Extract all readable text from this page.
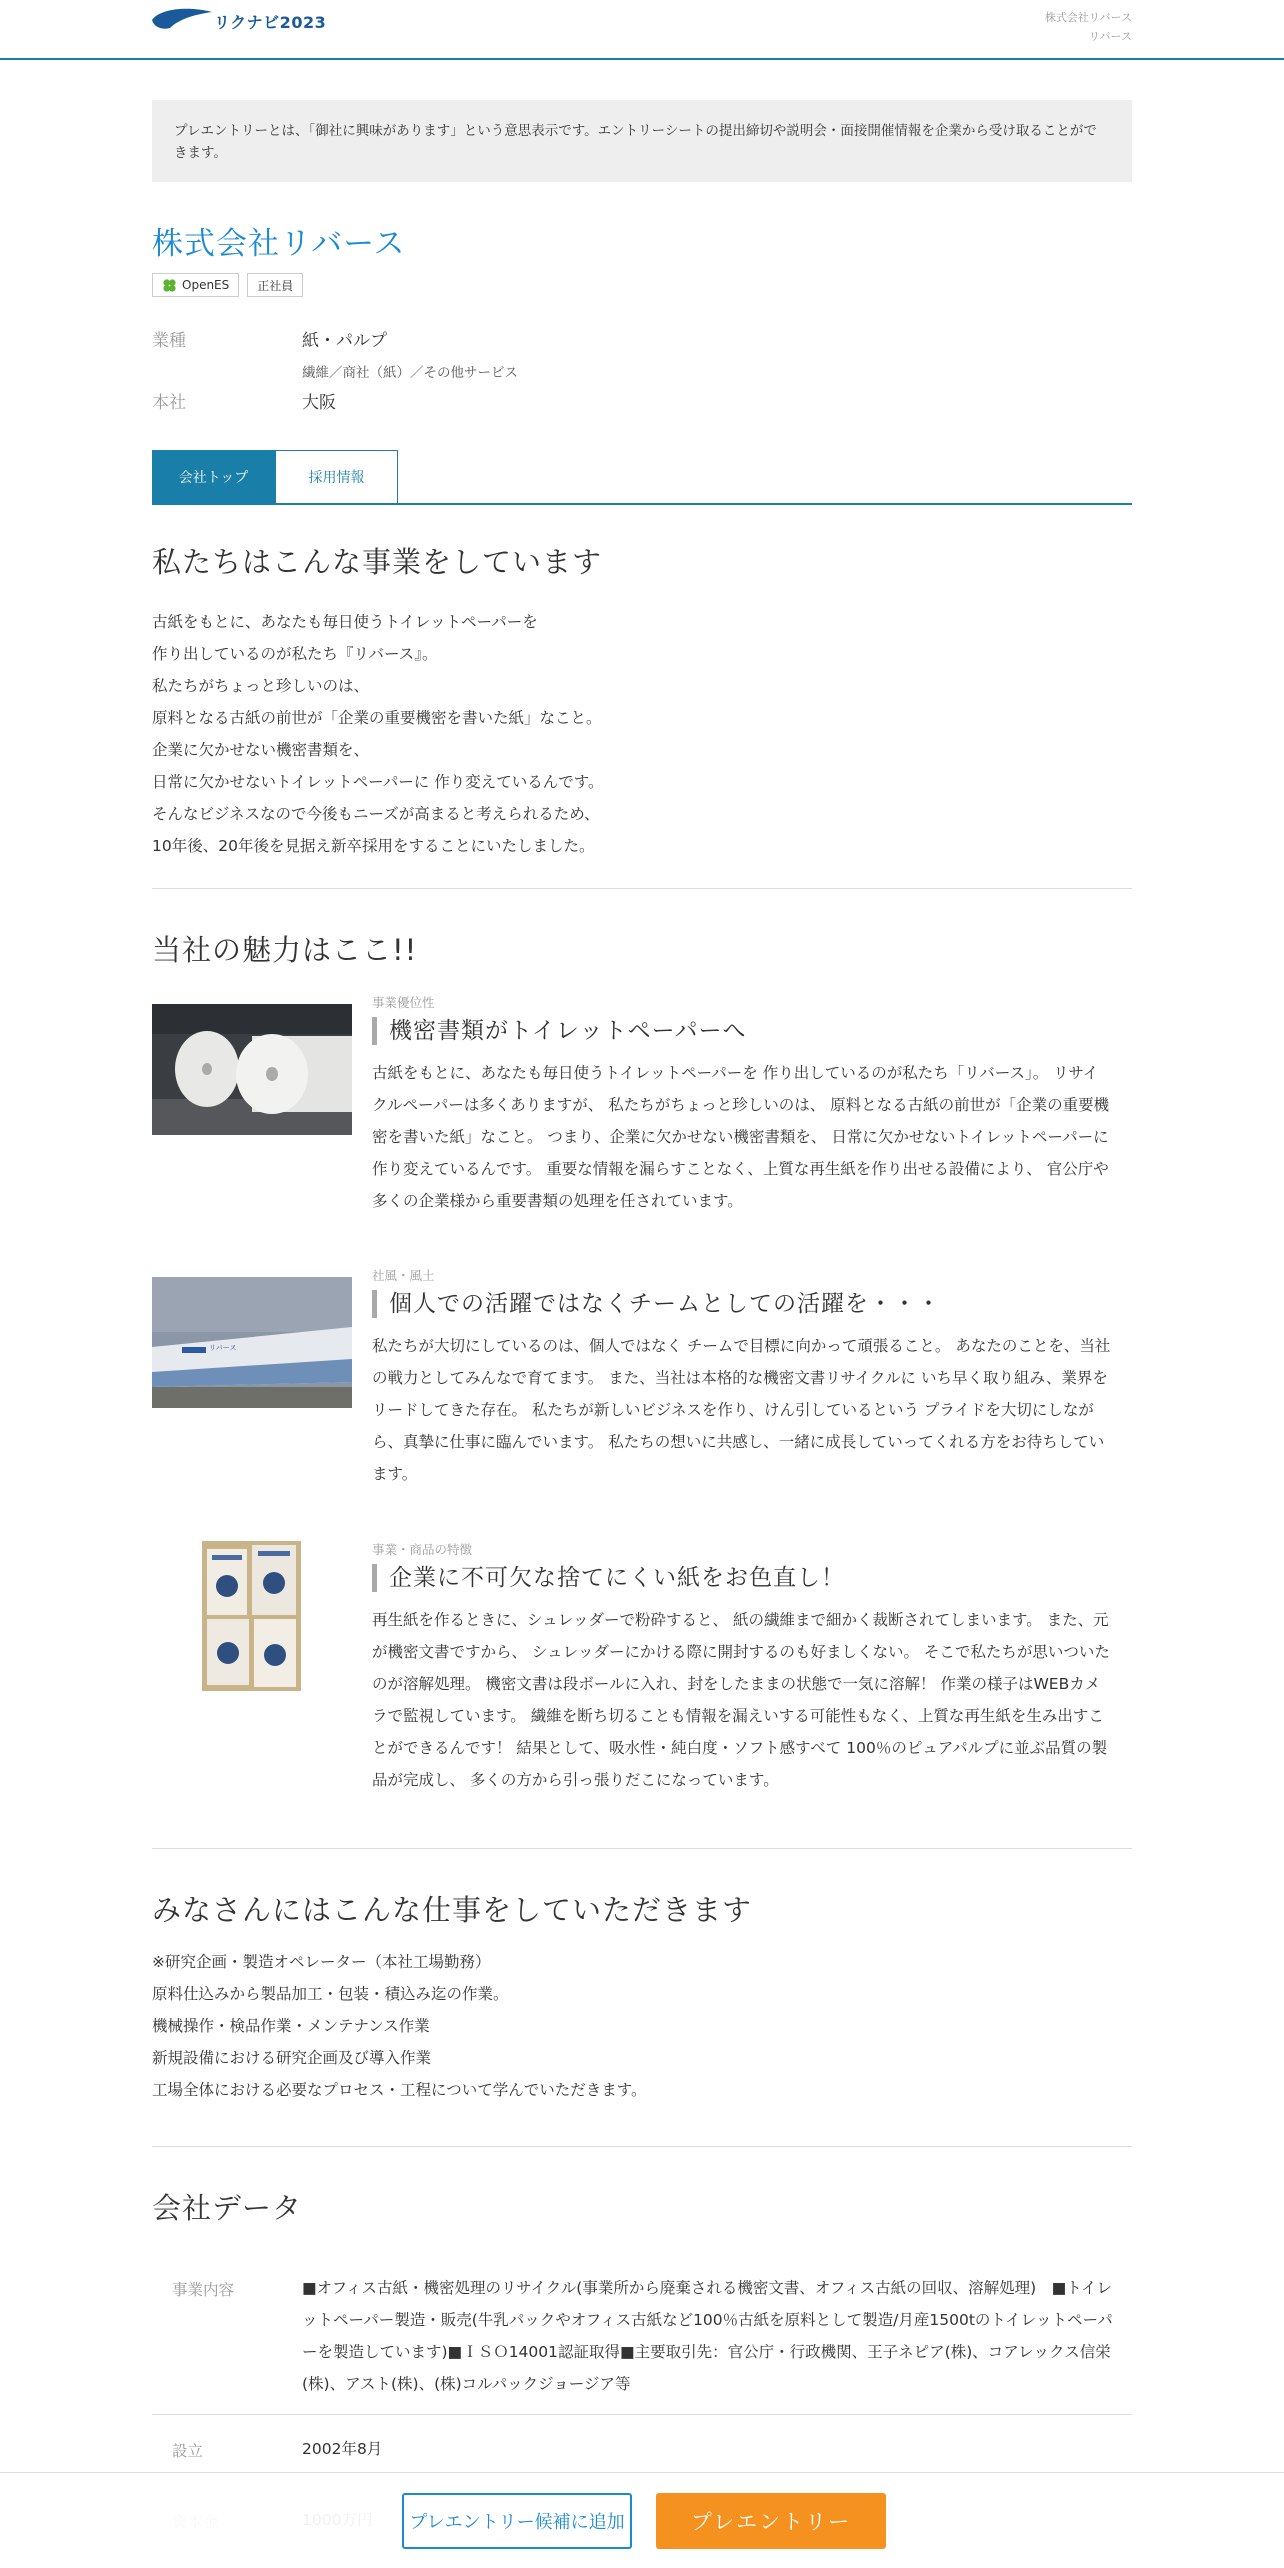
リクナビ2023	株式会社リバース
リバース
プレエントリーとは、「御社に興味があります」という意思表示です。エントリーシートの提出締切や説明会・面接開催情報を企業から受け取ることができます。
株式会社リバース
OpenES	正社員
業種	紙・パルプ
繊維／商社（紙）／その他サービス
本社	大阪
会社トップ	採用情報
私たちはこんな事業をしています
古紙をもとに、あなたも毎日使うトイレットペーパーを
作り出しているのが私たち『リバース』。
私たちがちょっと珍しいのは、
原料となる古紙の前世が「企業の重要機密を書いた紙」なこと。
企業に欠かせない機密書類を、
日常に欠かせないトイレットペーパーに 作り変えているんです。
そんなビジネスなので今後もニーズが高まると考えられるため、
10年後、20年後を見据え新卒採用をすることにいたしました。
当社の魅力はここ!!
事業優位性
機密書類がトイレットペーパーへ
古紙をもとに、あなたも毎日使うトイレットペーパーを 作り出しているのが私たち「リバース」。 リサイ
クルペーパーは多くありますが、 私たちがちょっと珍しいのは、 原料となる古紙の前世が「企業の重要機
密を書いた紙」なこと。 つまり、企業に欠かせない機密書類を、 日常に欠かせないトイレットペーパーに
作り変えているんです。 重要な情報を漏らすことなく、上質な再生紙を作り出せる設備により、 官公庁や
多くの企業様から重要書類の処理を任されています。
リバース
社風・風土
個人での活躍ではなくチームとしての活躍を・・・
私たちが大切にしているのは、個人ではなく チームで目標に向かって頑張ること。 あなたのことを、当社
の戦力としてみんなで育てます。 また、当社は本格的な機密文書リサイクルに いち早く取り組み、業界を
リードしてきた存在。 私たちが新しいビジネスを作り、けん引しているという プライドを大切にしなが
ら、真摯に仕事に臨んでいます。 私たちの想いに共感し、一緒に成長していってくれる方をお待ちしてい
ます。
事業・商品の特徴
企業に不可欠な捨てにくい紙をお色直し！
再生紙を作るときに、シュレッダーで粉砕すると、 紙の繊維まで細かく裁断されてしまいます。 また、元
が機密文書ですから、 シュレッダーにかける際に開封するのも好ましくない。 そこで私たちが思いついた
のが溶解処理。 機密文書は段ボールに入れ、封をしたままの状態で一気に溶解！ 作業の様子はWEBカメ
ラで監視しています。 繊維を断ち切ることも情報を漏えいする可能性もなく、上質な再生紙を生み出すこ
とができるんです！ 結果として、吸水性・純白度・ソフト感すべて 100％のピュアパルプに並ぶ品質の製
品が完成し、 多くの方から引っ張りだこになっています。
みなさんにはこんな仕事をしていただきます
※研究企画・製造オペレーター（本社工場勤務）
原料仕込みから製品加工・包装・積込み迄の作業。
機械操作・検品作業・メンテナンス作業
新規設備における研究企画及び導入作業
工場全体における必要なプロセス・工程について学んでいただきます。
会社データ
事業内容	■オフィス古紙・機密処理のリサイクル(事業所から廃棄される機密文書、オフィス古紙の回収、溶解処理)　■トイレ
ットペーパー製造・販売(牛乳パックやオフィス古紙など100％古紙を原料として製造/月産1500tのトイレットペーパ
ーを製造しています)■ＩＳＯ14001認証取得■主要取引先：官公庁・行政機関、王子ネピア(株)、コアレックス信栄
(株)、アスト(株)、(株)コルパックジョージア等
設立	2002年8月
プレエントリー候補に追加	プレエントリー
